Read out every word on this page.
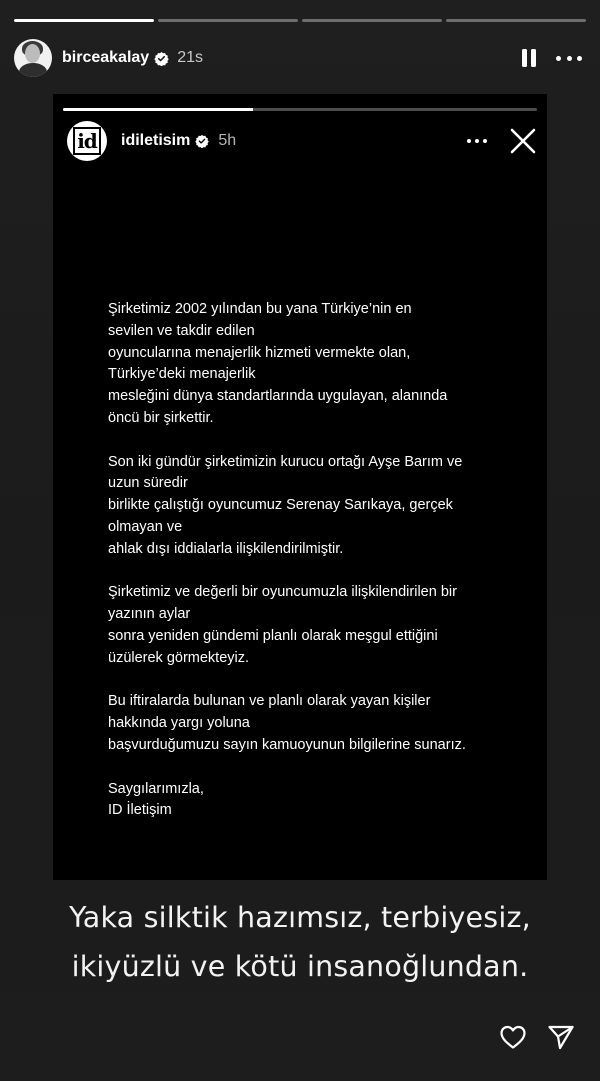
birceakalay 21s
id idiletisim 5h
Şirketimiz 2002 yılından bu yana Türkiye’nin en
sevilen ve takdir edilen
oyuncularına menajerlik hizmeti vermekte olan,
Türkiye’deki menajerlik
mesleğini dünya standartlarında uygulayan, alanında
öncü bir şirkettir.
Son iki gündür şirketimizin kurucu ortağı Ayşe Barım ve
uzun süredir
birlikte çalıştığı oyuncumuz Serenay Sarıkaya, gerçek
olmayan ve
ahlak dışı iddialarla ilişkilendirilmiştir.
Şirketimiz ve değerli bir oyuncumuzla ilişkilendirilen bir
yazının aylar
sonra yeniden gündemi planlı olarak meşgul ettiğini
üzülerek görmekteyiz.
Bu iftiralarda bulunan ve planlı olarak yayan kişiler
hakkında yargı yoluna
başvurduğumuzu sayın kamuoyunun bilgilerine sunarız.
Saygılarımızla,
ID İletişim
Yaka silktik hazımsız, terbiyesiz,
ikiyüzlü ve kötü insanoğlundan.
